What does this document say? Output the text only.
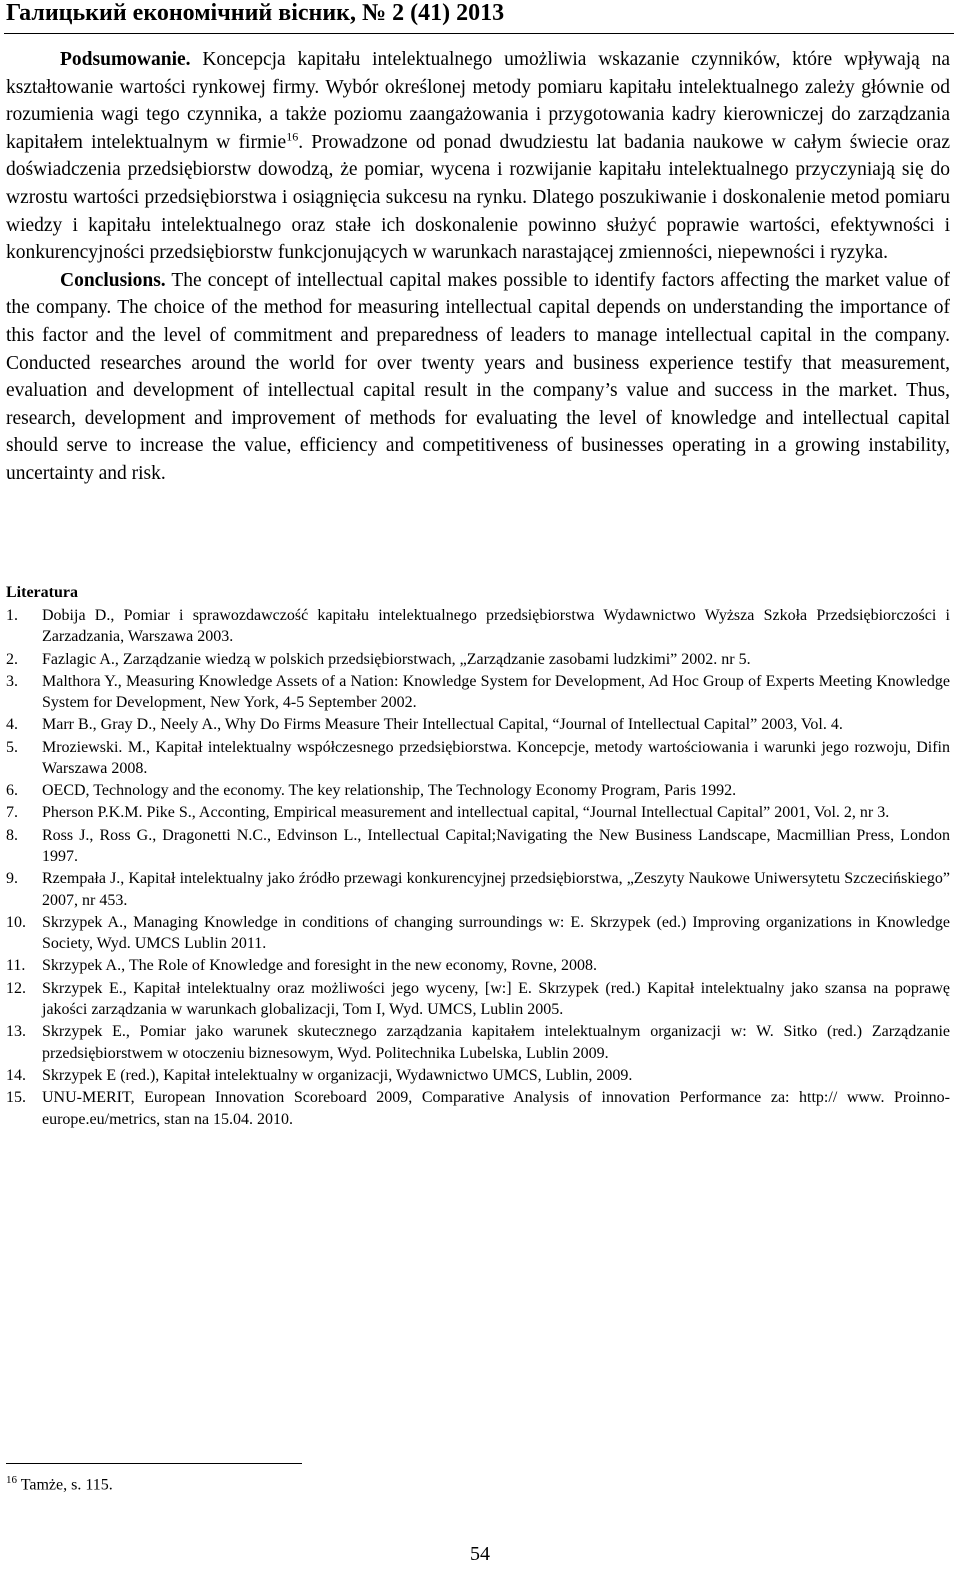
Галицький економічний вісник, № 2 (41) 2013

Podsumowanie. Koncepcja kapitału intelektualnego umożliwia wskazanie czynników, które wpływają na kształtowanie wartości rynkowej firmy. Wybór określonej metody pomiaru kapitału intelektualnego zależy głównie od rozumienia wagi tego czynnika, a także poziomu zaangażowania i przygotowania kadry kierowniczej do zarządzania kapitałem intelektualnym w firmie$^{16}$. Prowadzone od ponad dwudziestu lat badania naukowe w całym świecie oraz doświadczenia przedsiębiorstw dowodzą, że pomiar, wycena i rozwijanie kapitału intelektualnego przyczyniają się do wzrostu wartości przedsiębiorstwa i osiągnięcia sukcesu na rynku. Dlatego poszukiwanie i doskonalenie metod pomiaru wiedzy i kapitału intelektualnego oraz stałe ich doskonalenie powinno służyć poprawie wartości, efektywności i konkurencyjności przedsiębiorstw funkcjonujących w warunkach narastającej zmienności, niepewności i ryzyka.

Conclusions. The concept of intellectual capital makes possible to identify factors affecting the market value of the company. The choice of the method for measuring intellectual capital depends on understanding the importance of this factor and the level of commitment and preparedness of leaders to manage intellectual capital in the company. Conducted researches around the world for over twenty years and business experience testify that measurement, evaluation and development of intellectual capital result in the company’s value and success in the market. Thus, research, development and improvement of methods for evaluating the level of knowledge and intellectual capital should serve to increase the value, efficiency and competitiveness of businesses operating in a growing instability, uncertainty and risk.

Literatura
1. Dobija D., Pomiar i sprawozdawczość kapitału intelektualnego przedsiębiorstwa Wydawnictwo Wyższa Szkoła Przedsiębiorczości i Zarzadzania, Warszawa 2003.
2. Fazlagic A., Zarządzanie wiedzą w polskich przedsiębiorstwach, „Zarządzanie zasobami ludzkimi” 2002. nr 5.
3. Malthora Y., Measuring Knowledge Assets of a Nation: Knowledge System for Development, Ad Hoc Group of Experts Meeting Knowledge System for Development, New York, 4-5 September 2002.
4. Marr B., Gray D., Neely A., Why Do Firms Measure Their Intellectual Capital, “Journal of Intellectual Capital” 2003, Vol. 4.
5. Mroziewski. M., Kapitał intelektualny współczesnego przedsiębiorstwa. Koncepcje, metody wartościowania i warunki jego rozwoju, Difin Warszawa 2008.
6. OECD, Technology and the economy. The key relationship, The Technology Economy Program, Paris 1992.
7. Pherson P.K.M. Pike S., Acconting, Empirical measurement and intellectual capital, “Journal Intellectual Capital” 2001, Vol. 2, nr 3.
8. Ross J., Ross G., Dragonetti N.C., Edvinson L., Intellectual Capital;Navigating the New Business Landscape, Macmillian Press, London 1997.
9. Rzempała J., Kapitał intelektualny jako źródło przewagi konkurencyjnej przedsiębiorstwa, „Zeszyty Naukowe Uniwersytetu Szczecińskiego” 2007, nr 453.
10. Skrzypek A., Managing Knowledge in conditions of changing surroundings w: E. Skrzypek (ed.) Improving organizations in Knowledge Society, Wyd. UMCS Lublin 2011.
11. Skrzypek A., The Role of Knowledge and foresight in the new economy, Rovne, 2008.
12. Skrzypek E., Kapitał intelektualny oraz możliwości jego wyceny, [w:] E. Skrzypek (red.) Kapitał intelektualny jako szansa na poprawę jakości zarządzania w warunkach globalizacji, Tom I, Wyd. UMCS, Lublin 2005.
13. Skrzypek E., Pomiar jako warunek skutecznego zarządzania kapitałem intelektualnym organizacji w: W. Sitko (red.) Zarządzanie przedsiębiorstwem w otoczeniu biznesowym, Wyd. Politechnika Lubelska, Lublin 2009.
14. Skrzypek E (red.), Kapitał intelektualny w organizacji, Wydawnictwo UMCS, Lublin, 2009.
15. UNU-MERIT, European Innovation Scoreboard 2009, Comparative Analysis of innovation Performance za: http:// www. Proinno-europe.eu/metrics, stan na 15.04. 2010.
$^{16}$ Tamże, s. 115.
54
